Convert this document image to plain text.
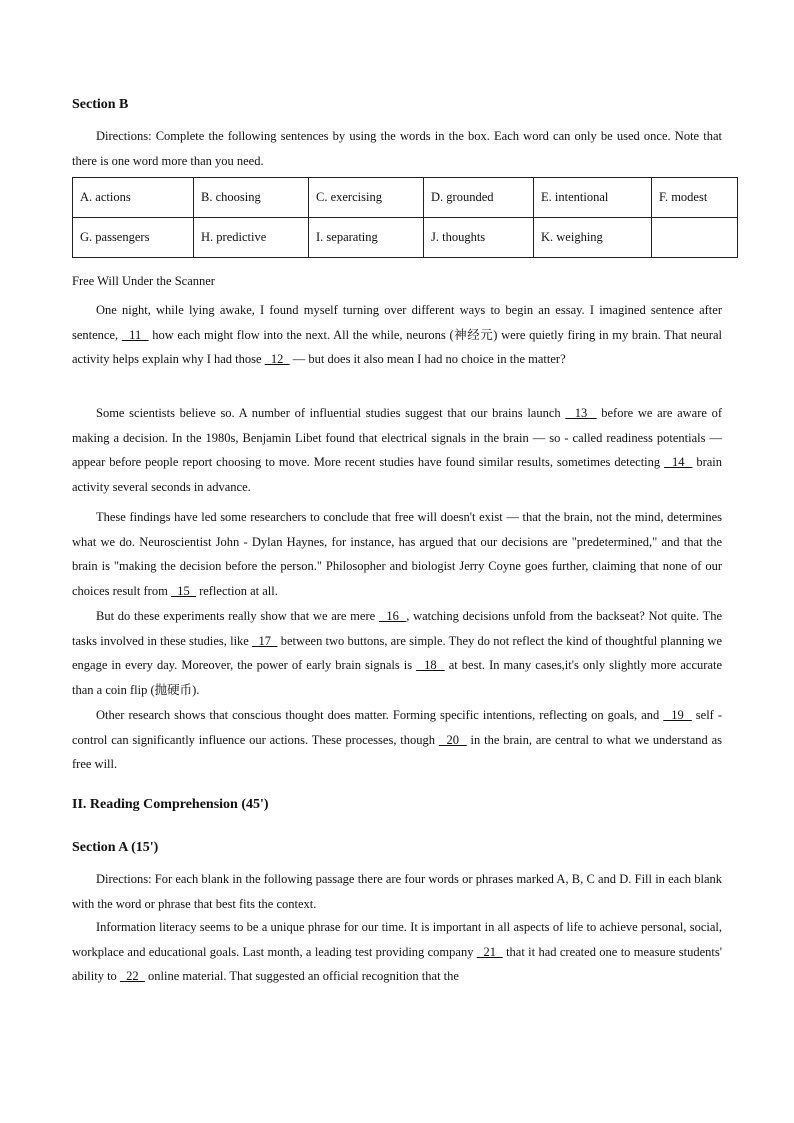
Section B

Directions: Complete the following sentences by using the words in the box. Each word can only be used once. Note that there is one word more than you need.

A. actions	B. choosing	C. exercising	D. grounded	E. intentional	F. modest
G. passengers	H. predictive	I. separating	J. thoughts	K. weighing	

Free Will Under the Scanner

One night, while lying awake, I found myself turning over different ways to begin an essay. I imagined sentence after sentence,   11   how each might flow into the next. All the while, neurons (神经元) were quietly firing in my brain. That neural activity helps explain why I had those   12   — but does it also mean I had no choice in the matter?

Some scientists believe so. A number of influential studies suggest that our brains launch   13   before we are aware of making a decision. In the 1980s, Benjamin Libet found that electrical signals in the brain — so - called readiness potentials — appear before people report choosing to move. More recent studies have found similar results, sometimes detecting   14   brain activity several seconds in advance.

These findings have led some researchers to conclude that free will doesn't exist — that the brain, not the mind, determines what we do. Neuroscientist John - Dylan Haynes, for instance, has argued that our decisions are "predetermined," and that the brain is "making the decision before the person." Philosopher and biologist Jerry Coyne goes further, claiming that none of our choices result from   15   reflection at all.

But do these experiments really show that we are mere   16  , watching decisions unfold from the backseat? Not quite. The tasks involved in these studies, like   17   between two buttons, are simple. They do not reflect the kind of thoughtful planning we engage in every day. Moreover, the power of early brain signals is   18   at best. In many cases,it's only slightly more accurate than a coin flip (抛硬币).

Other research shows that conscious thought does matter. Forming specific intentions, reflecting on goals, and   19   self - control can significantly influence our actions. These processes, though   20   in the brain, are central to what we understand as free will.

II. Reading Comprehension (45')
Section A (15')

Directions: For each blank in the following passage there are four words or phrases marked A, B, C and D. Fill in each blank with the word or phrase that best fits the context.

Information literacy seems to be a unique phrase for our time. It is important in all aspects of life to achieve personal, social, workplace and educational goals. Last month, a leading test providing company   21   that it had created one to measure students' ability to   22   online material. That suggested an official recognition that the
